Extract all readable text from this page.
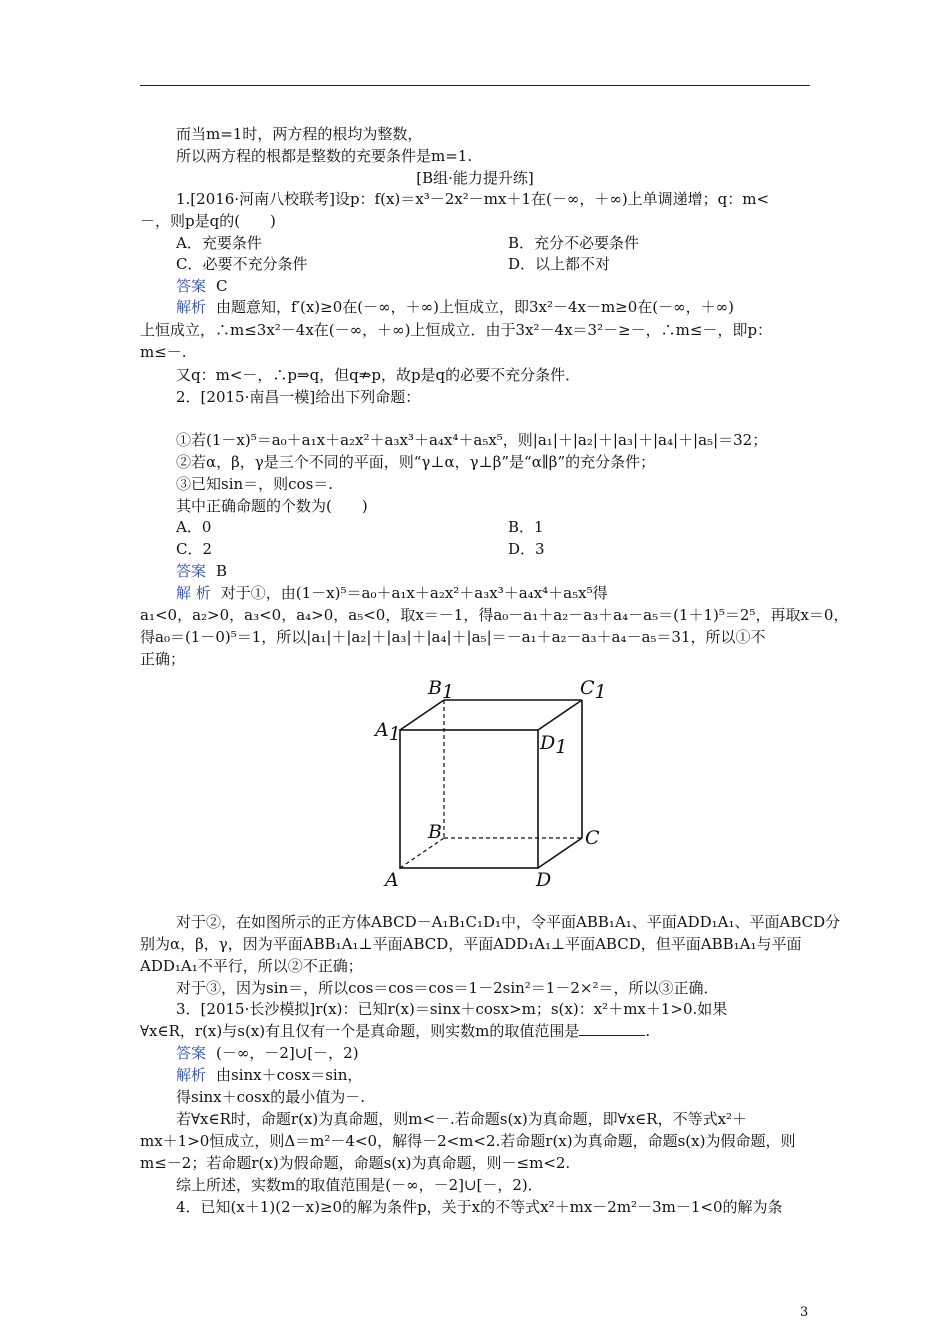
而当m=1时，两方程的根均为整数，
所以两方程的根都是整数的充要条件是m=1.
[B组·能力提升练]
1.[2016·河南八校联考]设p：f(x)＝x³－2x²－mx＋1在(－∞，＋∞)上单调递增；q：m<
－，则p是q的(　　)
A．充要条件	B．充分不必要条件
C．必要不充分条件	D．以上都不对
答案 C
解析 由题意知，f′(x)≥0在(－∞，＋∞)上恒成立，即3x²－4x－m≥0在(－∞，＋∞)
上恒成立，∴m≤3x²－4x在(－∞，＋∞)上恒成立．由于3x²－4x＝3²－≥－，∴m≤－，即p：
m≤－.
又q：m<－，∴p⇒q，但q⇏p，故p是q的必要不充分条件．
2．[2015·南昌一模]给出下列命题：
①若(1－x)⁵＝a₀＋a₁x＋a₂x²＋a₃x³＋a₄x⁴＋a₅x⁵，则|a₁|＋|a₂|＋|a₃|＋|a₄|＋|a₅|＝32；
②若α，β，γ是三个不同的平面，则“γ⊥α，γ⊥β”是“α∥β”的充分条件；
③已知sin＝，则cos＝.
其中正确命题的个数为(　　)
A．0	B．1
C．2	D．3
答案 B
解 析 对于①，由(1－x)⁵＝a₀＋a₁x＋a₂x²＋a₃x³＋a₄x⁴＋a₅x⁵得
a₁<0，a₂>0，a₃<0，a₄>0，a₅<0，取x＝－1，得a₀－a₁＋a₂－a₃＋a₄－a₅＝(1＋1)⁵＝2⁵，再取x＝0，
得a₀＝(1－0)⁵＝1，所以|a₁|＋|a₂|＋|a₃|＋|a₄|＋|a₅|＝－a₁＋a₂－a₃＋a₄－a₅＝31，所以①不
正确；
B1	C1
A1	D1
B	C
A	D
对于②，在如图所示的正方体ABCD－A₁B₁C₁D₁中，令平面ABB₁A₁、平面ADD₁A₁、平面ABCD分
别为α，β，γ，因为平面ABB₁A₁⊥平面ABCD，平面ADD₁A₁⊥平面ABCD，但平面ABB₁A₁与平面
ADD₁A₁不平行，所以②不正确；
对于③，因为sin＝，所以cos＝cos＝cos＝1－2sin²＝1－2×²＝，所以③正确．
3．[2015·长沙模拟]r(x)：已知r(x)＝sinx＋cosx>m；s(x)：x²＋mx＋1>0.如果
∀x∈R，r(x)与s(x)有且仅有一个是真命题，则实数m的取值范围是	.
答案 (－∞，－2]∪[－，2)
解析 由sinx＋cosx＝sin，
得sinx＋cosx的最小值为－.
若∀x∈R时，命题r(x)为真命题，则m<－.若命题s(x)为真命题，即∀x∈R，不等式x²＋
mx＋1>0恒成立，则Δ＝m²－4<0，解得－2<m<2.若命题r(x)为真命题，命题s(x)为假命题，则
m≤－2；若命题r(x)为假命题，命题s(x)为真命题，则－≤m<2.
综上所述，实数m的取值范围是(－∞，－2]∪[－，2)．
4．已知(x＋1)(2－x)≥0的解为条件p，关于x的不等式x²＋mx－2m²－3m－1<0的解为条
3
